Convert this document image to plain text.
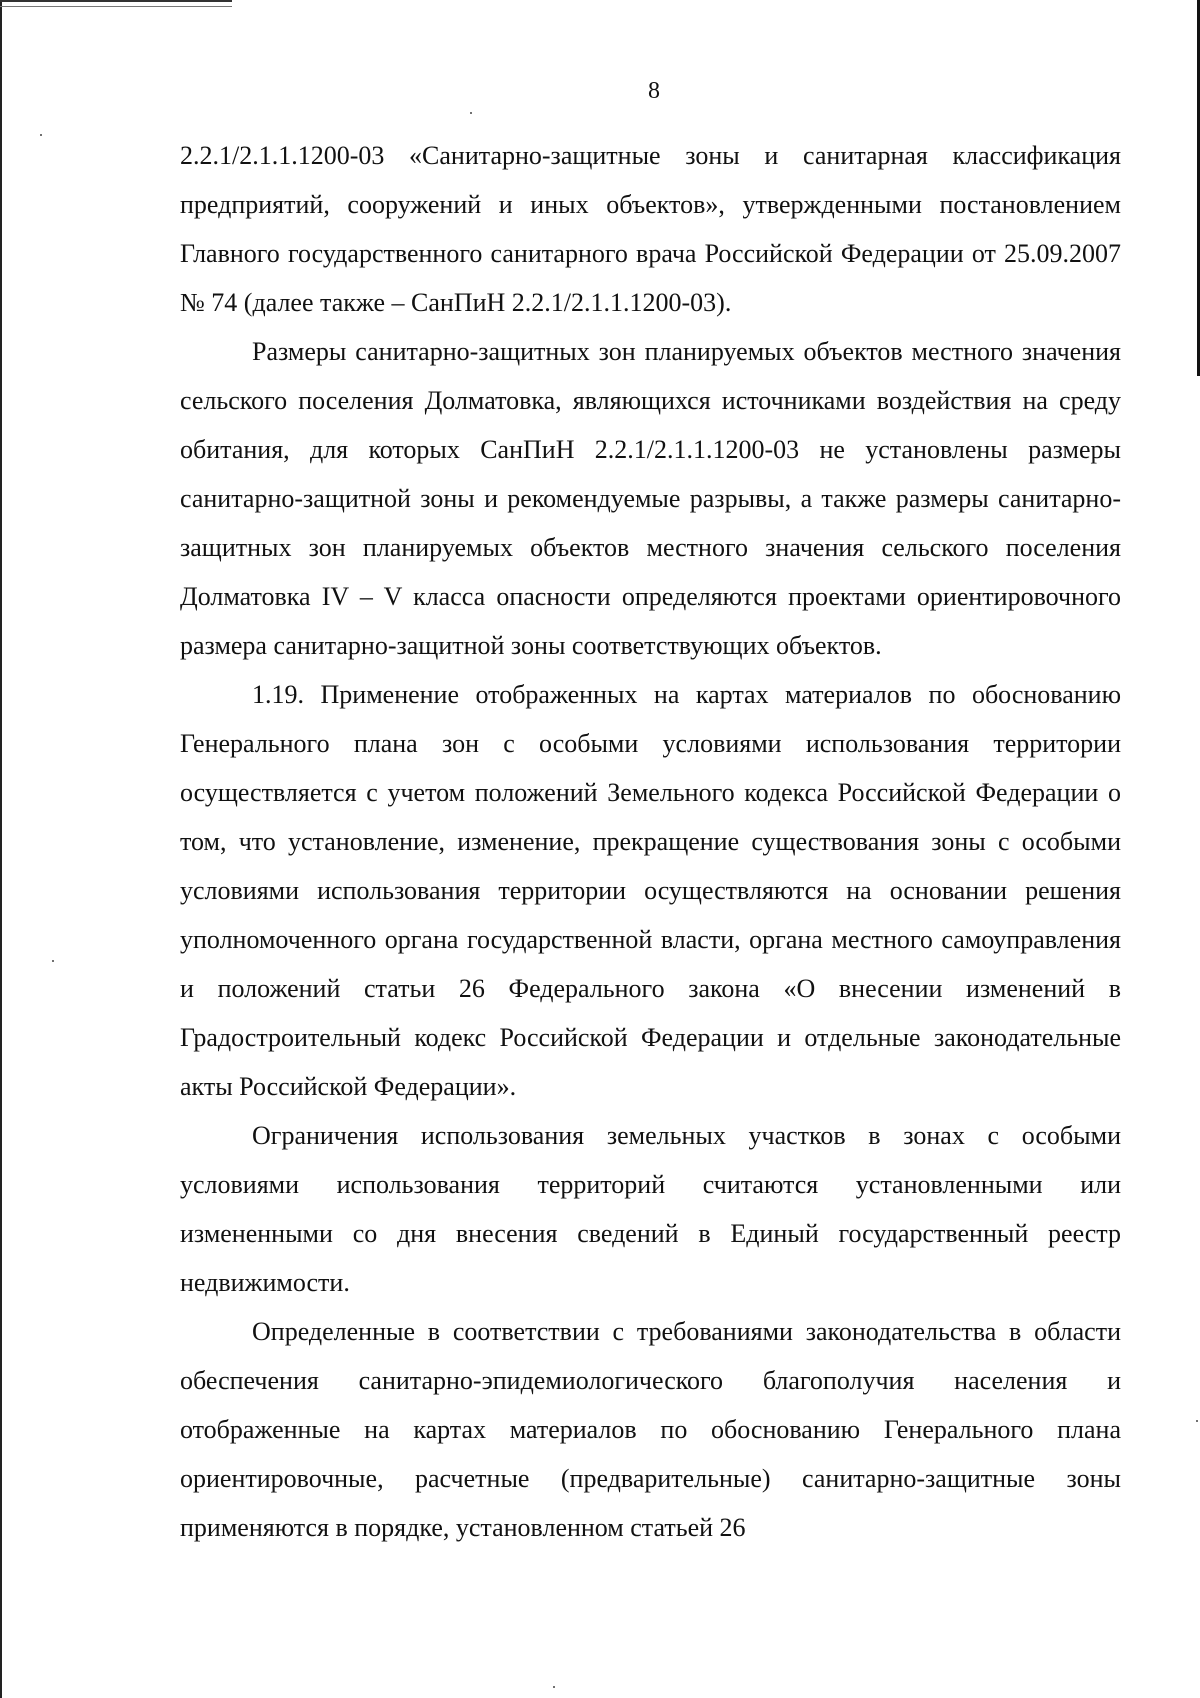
8

2.2.1/2.1.1.1200-03 «Санитарно-защитные зоны и санитарная классификация предприятий, сооружений и иных объектов», утвержденными постановлением Главного государственного санитарного врача Российской Федерации от 25.09.2007 № 74 (далее также – СанПиН 2.2.1/2.1.1.1200-03).

Размеры санитарно-защитных зон планируемых объектов местного значения сельского поселения Долматовка, являющихся источниками воздействия на среду обитания, для которых СанПиН 2.2.1/2.1.1.1200-03 не установлены размеры санитарно-защитной зоны и рекомендуемые разрывы, а также размеры санитарно-защитных зон планируемых объектов местного значения сельского поселения Долматовка IV – V класса опасности определяются проектами ориентировочного размера санитарно-защитной зоны соответствующих объектов.

1.19. Применение отображенных на картах материалов по обоснованию Генерального плана зон с особыми условиями использования территории осуществляется с учетом положений Земельного кодекса Российской Федерации о том, что установление, изменение, прекращение существования зоны с особыми условиями использования территории осуществляются на основании решения уполномоченного органа государственной власти, органа местного самоуправления и положений статьи 26 Федерального закона «О внесении изменений в Градостроительный кодекс Российской Федерации и отдельные законодательные акты Российской Федерации».

Ограничения использования земельных участков в зонах с особыми условиями использования территорий считаются установленными или измененными со дня внесения сведений в Единый государственный реестр недвижимости.

Определенные в соответствии с требованиями законодательства в области обеспечения санитарно-эпидемиологического благополучия населения и отображенные на картах материалов по обоснованию Генерального плана ориентировочные, расчетные (предварительные) санитарно-защитные зоны применяются в порядке, установленном статьей 26
